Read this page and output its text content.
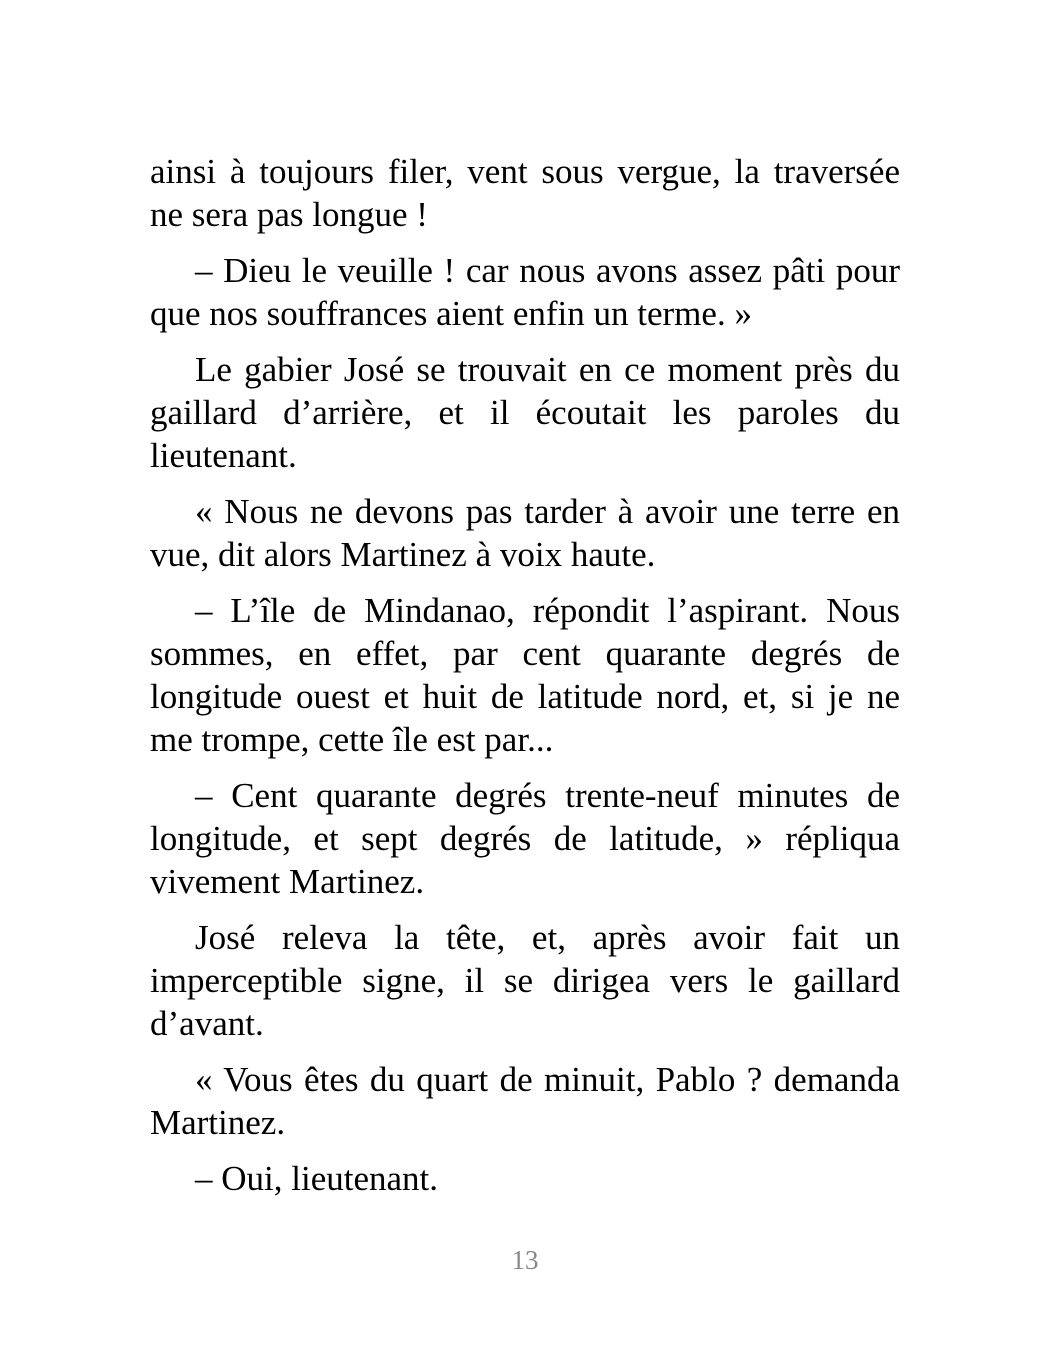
ainsi à toujours filer, vent sous vergue, la traversée ne sera pas longue !

– Dieu le veuille ! car nous avons assez pâti pour que nos souffrances aient enfin un terme. »

Le gabier José se trouvait en ce moment près du gaillard d’arrière, et il écoutait les paroles du lieutenant.

« Nous ne devons pas tarder à avoir une terre en vue, dit alors Martinez à voix haute.

– L’île de Mindanao, répondit l’aspirant. Nous sommes, en effet, par cent quarante degrés de longitude ouest et huit de latitude nord, et, si je ne me trompe, cette île est par...

– Cent quarante degrés trente-neuf minutes de longitude, et sept degrés de latitude, » répliqua vivement Martinez.

José releva la tête, et, après avoir fait un imperceptible signe, il se dirigea vers le gaillard d’avant.

« Vous êtes du quart de minuit, Pablo ? demanda Martinez.

– Oui, lieutenant.

13
